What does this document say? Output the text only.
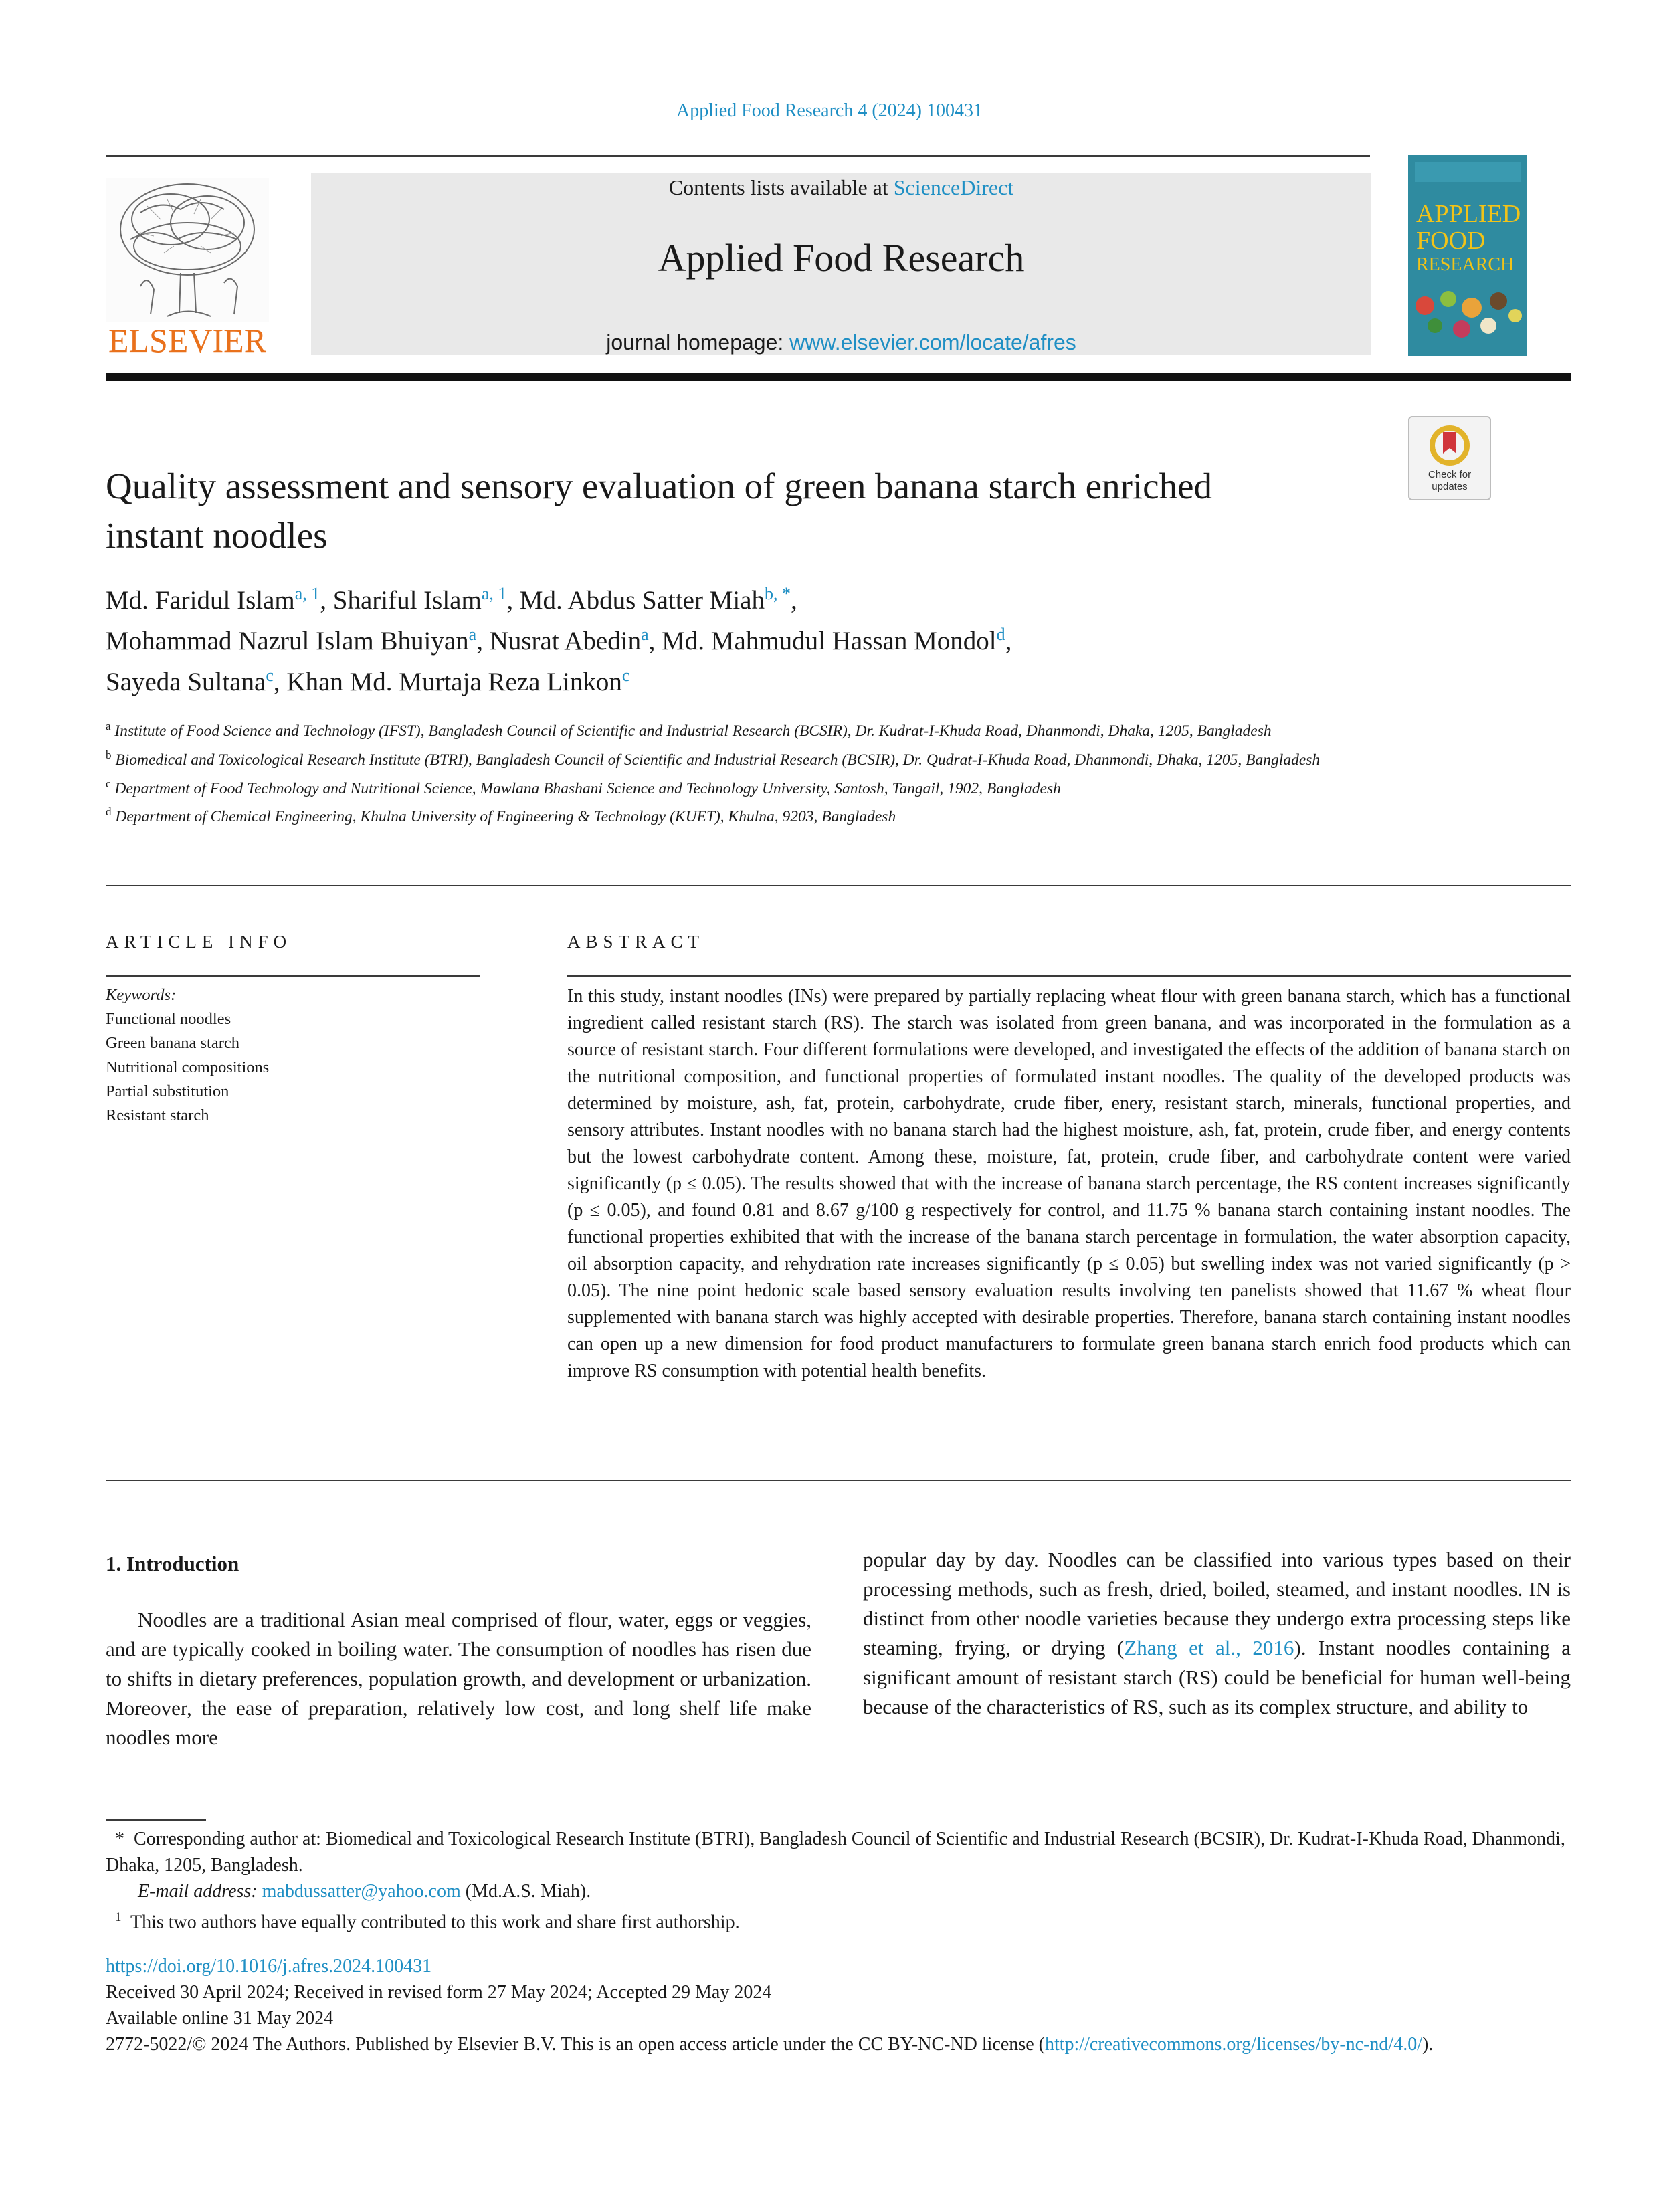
Applied Food Research 4 (2024) 100431
ELSEVIER
Contents lists available at ScienceDirect
Applied Food Research
journal homepage: www.elsevier.com/locate/afres
APPLIED
FOOD
RESEARCH
Check for
updates
Quality assessment and sensory evaluation of green banana starch enriched
instant noodles
Md. Faridul Islam$^{a, 1}$, Shariful Islam$^{a, 1}$, Md. Abdus Satter Miah$^{b, *}$,
Mohammad Nazrul Islam Bhuiyan$^a$, Nusrat Abedin$^a$, Md. Mahmudul Hassan Mondol$^d$,
Sayeda Sultana$^c$, Khan Md. Murtaja Reza Linkon$^c$
$^a$ Institute of Food Science and Technology (IFST), Bangladesh Council of Scientific and Industrial Research (BCSIR), Dr. Kudrat-I-Khuda Road, Dhanmondi, Dhaka, 1205, Bangladesh
$^b$ Biomedical and Toxicological Research Institute (BTRI), Bangladesh Council of Scientific and Industrial Research (BCSIR), Dr. Qudrat-I-Khuda Road, Dhanmondi, Dhaka, 1205, Bangladesh
$^c$ Department of Food Technology and Nutritional Science, Mawlana Bhashani Science and Technology University, Santosh, Tangail, 1902, Bangladesh
$^d$ Department of Chemical Engineering, Khulna University of Engineering & Technology (KUET), Khulna, 9203, Bangladesh
ARTICLE INFO	ABSTRACT
Keywords:
Functional noodles
Green banana starch
Nutritional compositions
Partial substitution
Resistant starch
In this study, instant noodles (INs) were prepared by partially replacing wheat flour with green banana starch, which has a functional ingredient called resistant starch (RS). The starch was isolated from green banana, and was incorporated in the formulation as a source of resistant starch. Four different formulations were developed, and investigated the effects of the addition of banana starch on the nutritional composition, and functional properties of formulated instant noodles. The quality of the developed products was determined by moisture, ash, fat, protein, carbohydrate, crude fiber, enery, resistant starch, minerals, functional properties, and sensory attributes. Instant noodles with no banana starch had the highest moisture, ash, fat, protein, crude fiber, and energy contents but the lowest carbohydrate content. Among these, moisture, fat, protein, crude fiber, and carbohydrate content were varied significantly (p ≤ 0.05). The results showed that with the increase of banana starch percentage, the RS content increases significantly (p ≤ 0.05), and found 0.81 and 8.67 g/100 g respectively for control, and 11.75 % banana starch containing instant noodles. The functional properties exhibited that with the increase of the banana starch percentage in formulation, the water absorption capacity, oil absorption capacity, and rehydration rate increases significantly (p ≤ 0.05) but swelling index was not varied significantly (p > 0.05). The nine point hedonic scale based sensory evaluation results involving ten panelists showed that 11.67 % wheat flour supplemented with banana starch was highly accepted with desirable properties. Therefore, banana starch containing instant noodles can open up a new dimension for food product manufacturers to formulate green banana starch enrich food products which can improve RS consumption with potential health benefits.
1. Introduction
Noodles are a traditional Asian meal comprised of flour, water, eggs or veggies, and are typically cooked in boiling water. The consumption of noodles has risen due to shifts in dietary preferences, population growth, and development or urbanization. Moreover, the ease of preparation, relatively low cost, and long shelf life make noodles more
popular day by day. Noodles can be classified into various types based on their processing methods, such as fresh, dried, boiled, steamed, and instant noodles. IN is distinct from other noodle varieties because they undergo extra processing steps like steaming, frying, or drying (Zhang et al., 2016). Instant noodles containing a significant amount of resistant starch (RS) could be beneficial for human well-being because of the characteristics of RS, such as its complex structure, and ability to

* Corresponding author at: Biomedical and Toxicological Research Institute (BTRI), Bangladesh Council of Scientific and Industrial Research (BCSIR), Dr. Kudrat-I-Khuda Road, Dhanmondi, Dhaka, 1205, Bangladesh.

E-mail address: mabdussatter@yahoo.com (Md.A.S. Miah).

$^1$ This two authors have equally contributed to this work and share first authorship.

https://doi.org/10.1016/j.afres.2024.100431

Received 30 April 2024; Received in revised form 27 May 2024; Accepted 29 May 2024

Available online 31 May 2024

2772-5022/© 2024 The Authors. Published by Elsevier B.V. This is an open access article under the CC BY-NC-ND license (http://creativecommons.org/licenses/by-nc-nd/4.0/).
